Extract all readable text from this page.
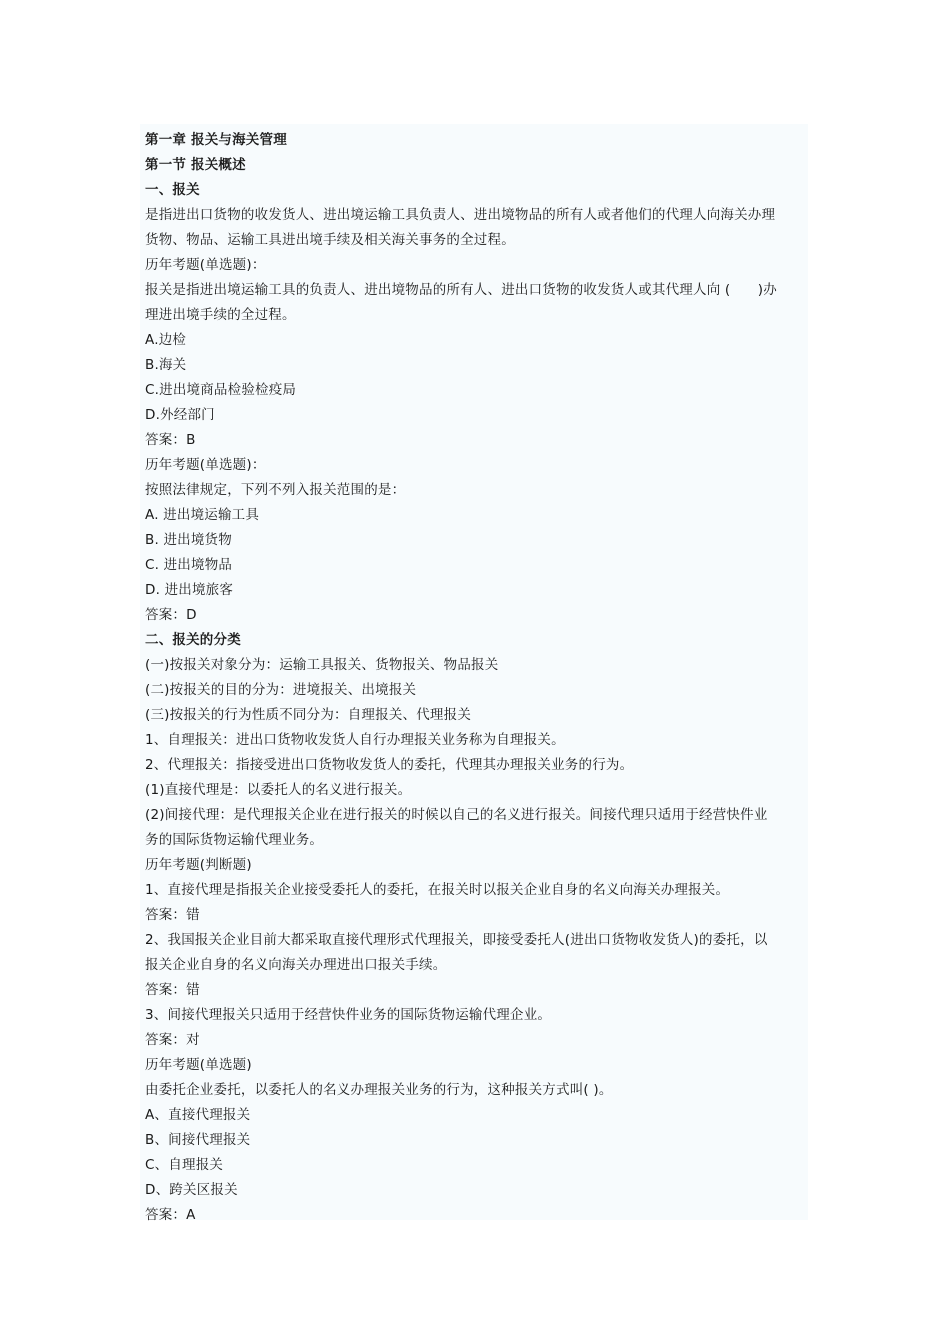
第一章 报关与海关管理
第一节 报关概述
一、报关
是指进出口货物的收发货人、进出境运输工具负责人、进出境物品的所有人或者他们的代理人向海关办理
货物、物品、运输工具进出境手续及相关海关事务的全过程。
历年考题(单选题)：
报关是指进出境运输工具的负责人、进出境物品的所有人、进出口货物的收发货人或其代理人向 (　　)办
理进出境手续的全过程。
A.边检
B.海关
C.进出境商品检验检疫局
D.外经部门
答案：B
历年考题(单选题)：
按照法律规定，下列不列入报关范围的是：
A. 进出境运输工具
B. 进出境货物
C. 进出境物品
D. 进出境旅客
答案：D
二、报关的分类
(一)按报关对象分为：运输工具报关、货物报关、物品报关
(二)按报关的目的分为：进境报关、出境报关
(三)按报关的行为性质不同分为：自理报关、代理报关
1、自理报关：进出口货物收发货人自行办理报关业务称为自理报关。
2、代理报关：指接受进出口货物收发货人的委托，代理其办理报关业务的行为。
(1)直接代理是：以委托人的名义进行报关。
(2)间接代理：是代理报关企业在进行报关的时候以自己的名义进行报关。间接代理只适用于经营快件业
务的国际货物运输代理业务。
历年考题(判断题)
1、直接代理是指报关企业接受委托人的委托，在报关时以报关企业自身的名义向海关办理报关。
答案：错
2、我国报关企业目前大都采取直接代理形式代理报关，即接受委托人(进出口货物收发货人)的委托，以
报关企业自身的名义向海关办理进出口报关手续。
答案：错
3、间接代理报关只适用于经营快件业务的国际货物运输代理企业。
答案：对
历年考题(单选题)
由委托企业委托，以委托人的名义办理报关业务的行为，这种报关方式叫( )。
A、直接代理报关
B、间接代理报关
C、自理报关
D、跨关区报关
答案：A
